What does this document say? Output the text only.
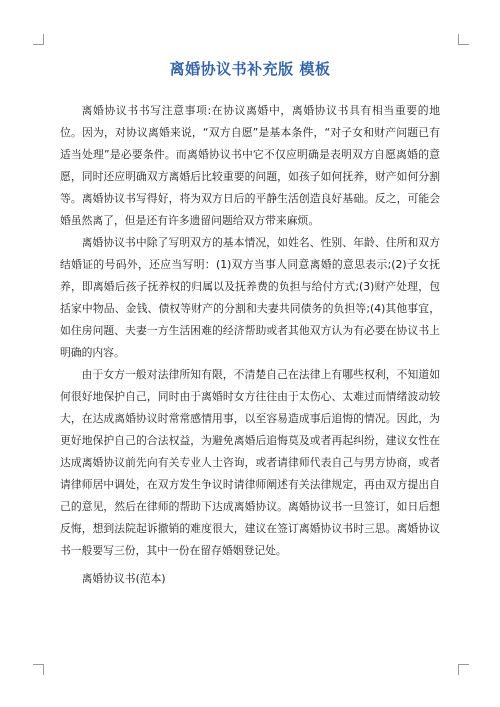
离婚协议书补充版 模板

离婚协议书书写注意事项:在协议离婚中，离婚协议书具有相当重要的地位。因为，对协议离婚来说，“双方自愿”是基本条件，“对子女和财产问题已有适当处理”是必要条件。而离婚协议书中它不仅应明确是表明双方自愿离婚的意愿，同时还应明确双方离婚后比较重要的问题，如孩子如何抚养，财产如何分割等。离婚协议书写得好，将为双方日后的平静生活创造良好基础。反之，可能会婚虽然离了，但是还有许多遗留问题给双方带来麻烦。

离婚协议书中除了写明双方的基本情况，如姓名、性别、年龄、住所和双方结婚证的号码外，还应当写明：(1)双方当事人同意离婚的意思表示;(2)子女抚养，即离婚后孩子抚养权的归属以及抚养费的负担与给付方式;(3)财产处理，包括家中物品、金钱、债权等财产的分割和夫妻共同债务的负担等;(4)其他事宜，如住房问题、夫妻一方生活困难的经济帮助或者其他双方认为有必要在协议书上明确的内容。

由于女方一般对法律所知有限，不清楚自己在法律上有哪些权利，不知道如何很好地保护自己，同时由于离婚时女方往往由于太伤心、太难过而情绪波动较大，在达成离婚协议时常常感情用事，以至容易造成事后追悔的情况。因此，为更好地保护自己的合法权益，为避免离婚后追悔莫及或者再起纠纷，建议女性在达成离婚协议前先向有关专业人士咨询，或者请律师代表自己与男方协商，或者请律师居中调处，在双方发生争议时请律师阐述有关法律规定，再由双方提出自己的意见，然后在律师的帮助下达成离婚协议。离婚协议书一旦签订，如日后想反悔，想到法院起诉撤销的难度很大，建议在签订离婚协议书时三思。离婚协议书一般要写三份，其中一份在留存婚姻登记处。

离婚协议书(范本)
